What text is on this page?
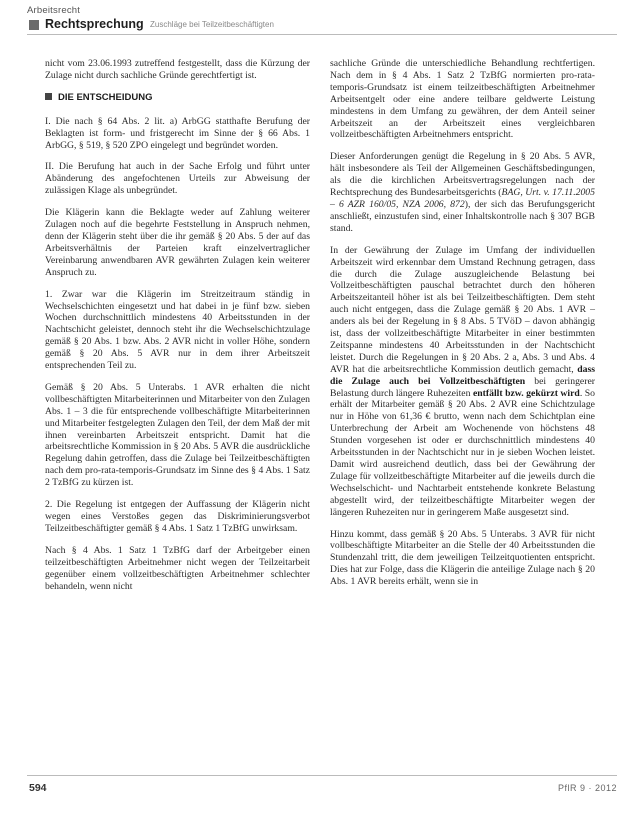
Arbeitsrecht
Rechtsprechung Zuschläge bei Teilzeitbeschäftigten

nicht vom 23.06.1993 zutreffend festgestellt, dass die Kürzung der Zulage nicht durch sachliche Gründe gerechtfertigt ist.

DIE ENTSCHEIDUNG

I. Die nach § 64 Abs. 2 lit. a) ArbGG statthafte Berufung der Beklagten ist form- und fristgerecht im Sinne der § 66 Abs. 1 ArbGG, § 519, § 520 ZPO eingelegt und begründet worden.

II. Die Berufung hat auch in der Sache Erfolg und führt unter Abänderung des angefochtenen Urteils zur Abweisung der zulässigen Klage als unbegründet.

Die Klägerin kann die Beklagte weder auf Zahlung weiterer Zulagen noch auf die begehrte Feststellung in Anspruch nehmen, denn der Klägerin steht über die ihr gemäß § 20 Abs. 5 der auf das Arbeitsverhältnis der Parteien kraft einzelvertraglicher Vereinbarung anwendbaren AVR gewährten Zulagen kein weiterer Anspruch zu.

1. Zwar war die Klägerin im Streitzeitraum ständig in Wechselschichten eingesetzt und hat dabei in je fünf bzw. sieben Wochen durchschnittlich mindestens 40 Arbeitsstunden in der Nachtschicht geleistet, dennoch steht ihr die Wechselschichtzulage gemäß § 20 Abs. 1 bzw. Abs. 2 AVR nicht in voller Höhe, sondern gemäß § 20 Abs. 5 AVR nur in dem ihrer Arbeitszeit entsprechenden Teil zu.

Gemäß § 20 Abs. 5 Unterabs. 1 AVR erhalten die nicht vollbeschäftigten Mitarbeiterinnen und Mitarbeiter von den Zulagen Abs. 1 – 3 die für entsprechende vollbeschäftigte Mitarbeiterinnen und Mitarbeiter festgelegten Zulagen den Teil, der dem Maß der mit ihnen vereinbarten Arbeitszeit entspricht. Damit hat die arbeitsrechtliche Kommission in § 20 Abs. 5 AVR die ausdrückliche Regelung dahin getroffen, dass die Zulage bei Teilzeitbeschäftigten nach dem pro-rata-temporis-Grundsatz im Sinne des § 4 Abs. 1 Satz 2 TzBfG zu kürzen ist.

2. Die Regelung ist entgegen der Auffassung der Klägerin nicht wegen eines Verstoßes gegen das Diskriminierungsverbot Teilzeitbeschäftigter gemäß § 4 Abs. 1 Satz 1 TzBfG unwirksam.

Nach § 4 Abs. 1 Satz 1 TzBfG darf der Arbeitgeber einen teilzeitbeschäftigten Arbeitnehmer nicht wegen der Teilzeitarbeit gegenüber einem vollzeitbeschäftigten Arbeitnehmer schlechter behandeln, wenn nicht

sachliche Gründe die unterschiedliche Behandlung rechtfertigen. Nach dem in § 4 Abs. 1 Satz 2 TzBfG normierten pro-rata-temporis-Grundsatz ist einem teilzeitbeschäftigten Arbeitnehmer Arbeitsentgelt oder eine andere teilbare geldwerte Leistung mindestens in dem Umfang zu gewähren, der dem Anteil seiner Arbeitszeit an der Arbeitszeit eines vergleichbaren vollzeitbeschäftigten Arbeitnehmers entspricht.

Dieser Anforderungen genügt die Regelung in § 20 Abs. 5 AVR, hält insbesondere als Teil der Allgemeinen Geschäftsbedingungen, als die die kirchlichen Arbeitsvertragsregelungen nach der Rechtsprechung des Bundesarbeitsgerichts (BAG, Urt. v. 17.11.2005 – 6 AZR 160/05, NZA 2006, 872), der sich das Berufungsgericht anschließt, einzustufen sind, einer Inhaltskontrolle nach § 307 BGB stand.

In der Gewährung der Zulage im Umfang der individuellen Arbeitszeit wird erkennbar dem Umstand Rechnung getragen, dass die durch die Zulage auszugleichende Belastung bei Vollzeitbeschäftigten pauschal betrachtet durch den höheren Arbeitszeitanteil höher ist als bei Teilzeitbeschäftigten. Dem steht auch nicht entgegen, dass die Zulage gemäß § 20 Abs. 1 AVR – anders als bei der Regelung in § 8 Abs. 5 TVöD – davon abhängig ist, dass der vollzeitbeschäftigte Mitarbeiter in einer bestimmten Zeitspanne mindestens 40 Arbeitsstunden in der Nachtschicht leistet. Durch die Regelungen in § 20 Abs. 2 a, Abs. 3 und Abs. 4 AVR hat die arbeitsrechtliche Kommission deutlich gemacht, dass die Zulage auch bei Vollzeitbeschäftigten bei geringerer Belastung durch längere Ruhezeiten entfällt bzw. gekürzt wird. So erhält der Mitarbeiter gemäß § 20 Abs. 2 AVR eine Schichtzulage nur in Höhe von 61,36 € brutto, wenn nach dem Schichtplan eine Unterbrechung der Arbeit am Wochenende von höchstens 48 Stunden vorgesehen ist oder er durchschnittlich mindestens 40 Arbeitsstunden in der Nachtschicht nur in je sieben Wochen leistet. Damit wird ausreichend deutlich, dass bei der Gewährung der Zulage für vollzeitbeschäftigte Mitarbeiter auf die jeweils durch die Wechselschicht- und Nachtarbeit entstehende konkrete Belastung abgestellt wird, der teilzeitbeschäftigte Mitarbeiter wegen der längeren Ruhezeiten nur in geringerem Maße ausgesetzt sind.

Hinzu kommt, dass gemäß § 20 Abs. 5 Unterabs. 3 AVR für nicht vollbeschäftigte Mitarbeiter an die Stelle der 40 Arbeitsstunden die Stundenzahl tritt, die dem jeweiligen Teilzeitquotienten entspricht. Dies hat zur Folge, dass die Klägerin die anteilige Zulage nach § 20 Abs. 1 AVR bereits erhält, wenn sie in

594	PflR 9 · 2012
